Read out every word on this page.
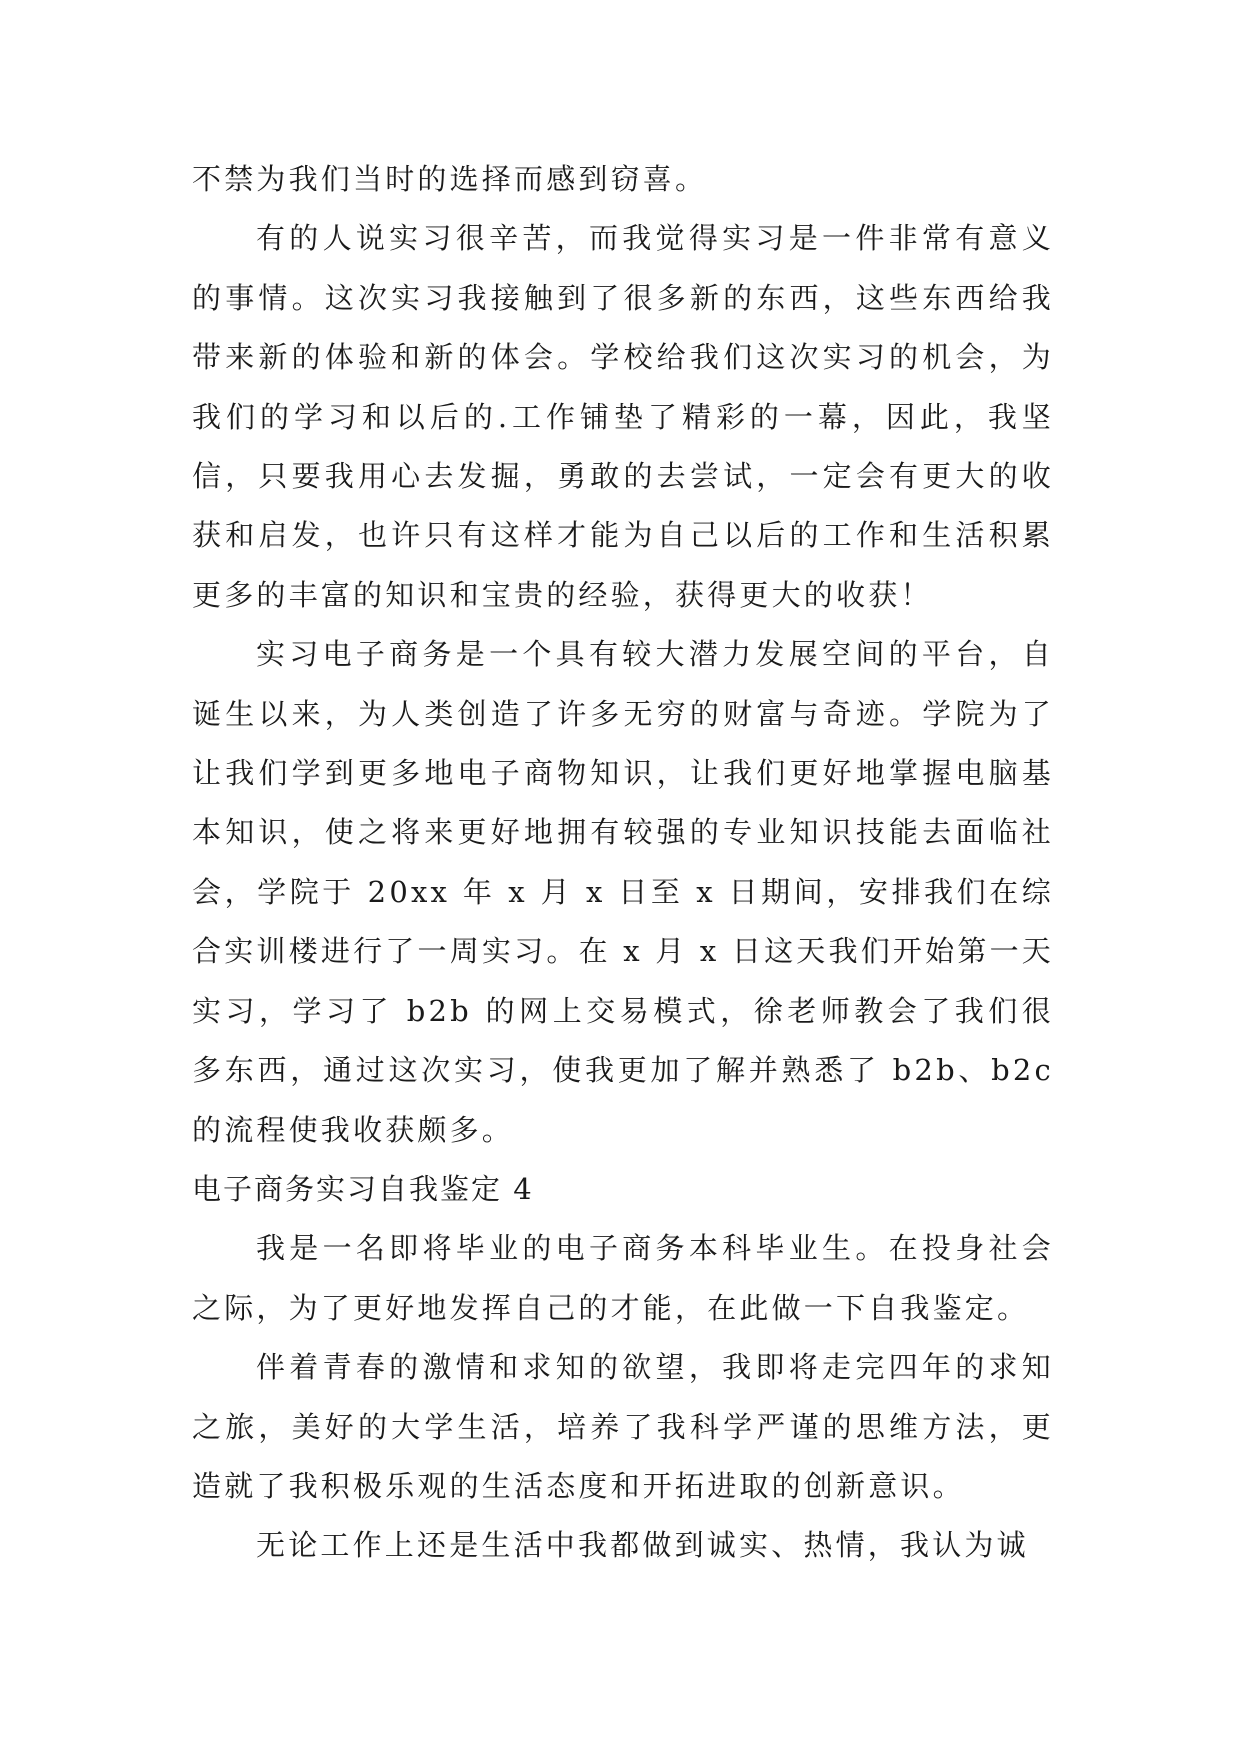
不禁为我们当时的选择而感到窃喜。

有的人说实习很辛苦，而我觉得实习是一件非常有意义的事情。这次实习我接触到了很多新的东西，这些东西给我带来新的体验和新的体会。学校给我们这次实习的机会，为我们的学习和以后的.工作铺垫了精彩的一幕，因此，我坚信，只要我用心去发掘，勇敢的去尝试，一定会有更大的收获和启发，也许只有这样才能为自己以后的工作和生活积累更多的丰富的知识和宝贵的经验，获得更大的收获！

实习电子商务是一个具有较大潜力发展空间的平台，自诞生以来，为人类创造了许多无穷的财富与奇迹。学院为了让我们学到更多地电子商物知识，让我们更好地掌握电脑基本知识，使之将来更好地拥有较强的专业知识技能去面临社会，学院于 20xx 年 x 月 x 日至 x 日期间，安排我们在综合实训楼进行了一周实习。在 x 月 x 日这天我们开始第一天实习，学习了 b2b 的网上交易模式，徐老师教会了我们很多东西，通过这次实习，使我更加了解并熟悉了 b2b、b2c 的流程使我收获颇多。

电子商务实习自我鉴定 4

我是一名即将毕业的电子商务本科毕业生。在投身社会之际，为了更好地发挥自己的才能，在此做一下自我鉴定。

伴着青春的激情和求知的欲望，我即将走完四年的求知之旅，美好的大学生活，培养了我科学严谨的思维方法，更造就了我积极乐观的生活态度和开拓进取的创新意识。

无论工作上还是生活中我都做到诚实、热情，我认为诚
